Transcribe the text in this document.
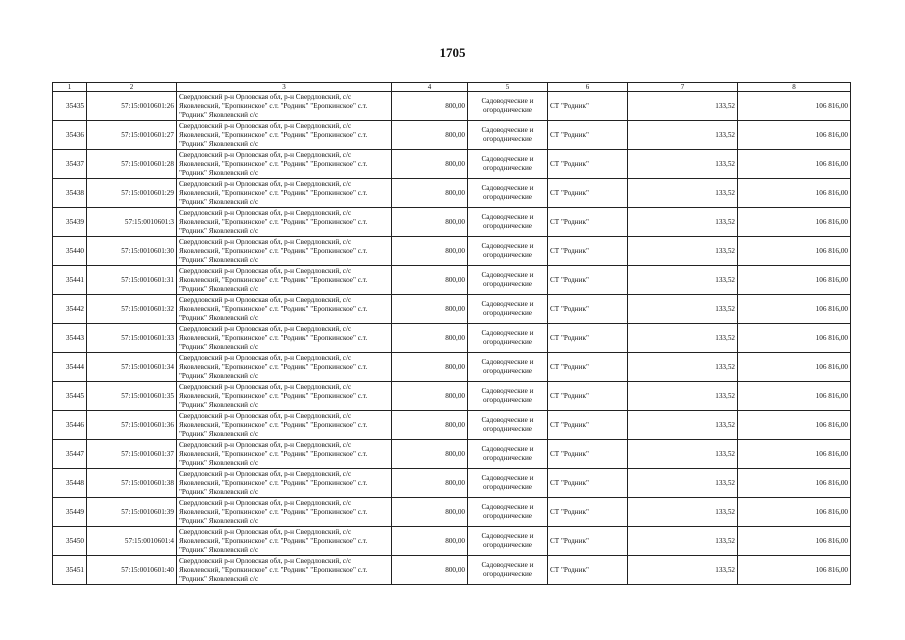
1705
1	2	3	4	5	6	7	8
35435	57:15:0010601:26	Свердловский р-н Орловская обл, р-н Свердловский, с/с
Яковлевский, "Еропкинское" с.т. "Родник" "Еропкинское" с.т.
"Родник" Яковлевский с/с	800,00	Садоводческие и огороднические	СТ "Родник"	133,52	106 816,00
35436	57:15:0010601:27	Свердловский р-н Орловская обл, р-н Свердловский, с/с
Яковлевский, "Еропкинское" с.т. "Родник" "Еропкинское" с.т.
"Родник" Яковлевский с/с	800,00	Садоводческие и огороднические	СТ "Родник"	133,52	106 816,00
35437	57:15:0010601:28	Свердловский р-н Орловская обл, р-н Свердловский, с/с
Яковлевский, "Еропкинское" с.т. "Родник" "Еропкинское" с.т.
"Родник" Яковлевский с/с	800,00	Садоводческие и огороднические	СТ "Родник"	133,52	106 816,00
35438	57:15:0010601:29	Свердловский р-н Орловская обл, р-н Свердловский, с/с
Яковлевский, "Еропкинское" с.т. "Родник" "Еропкинское" с.т.
"Родник" Яковлевский с/с	800,00	Садоводческие и огороднические	СТ "Родник"	133,52	106 816,00
35439	57:15:0010601:3	Свердловский р-н Орловская обл, р-н Свердловский, с/с
Яковлевский, "Еропкинское" с.т. "Родник" "Еропкинское" с.т.
"Родник" Яковлевский с/с	800,00	Садоводческие и огороднические	СТ "Родник"	133,52	106 816,00
35440	57:15:0010601:30	Свердловский р-н Орловская обл, р-н Свердловский, с/с
Яковлевский, "Еропкинское" с.т. "Родник" "Еропкинское" с.т.
"Родник" Яковлевский с/с	800,00	Садоводческие и огороднические	СТ "Родник"	133,52	106 816,00
35441	57:15:0010601:31	Свердловский р-н Орловская обл, р-н Свердловский, с/с
Яковлевский, "Еропкинское" с.т. "Родник" "Еропкинское" с.т.
"Родник" Яковлевский с/с	800,00	Садоводческие и огороднические	СТ "Родник"	133,52	106 816,00
35442	57:15:0010601:32	Свердловский р-н Орловская обл, р-н Свердловский, с/с
Яковлевский, "Еропкинское" с.т. "Родник" "Еропкинское" с.т.
"Родник" Яковлевский с/с	800,00	Садоводческие и огороднические	СТ "Родник"	133,52	106 816,00
35443	57:15:0010601:33	Свердловский р-н Орловская обл, р-н Свердловский, с/с
Яковлевский, "Еропкинское" с.т. "Родник" "Еропкинское" с.т.
"Родник" Яковлевский с/с	800,00	Садоводческие и огороднические	СТ "Родник"	133,52	106 816,00
35444	57:15:0010601:34	Свердловский р-н Орловская обл, р-н Свердловский, с/с
Яковлевский, "Еропкинское" с.т. "Родник" "Еропкинское" с.т.
"Родник" Яковлевский с/с	800,00	Садоводческие и огороднические	СТ "Родник"	133,52	106 816,00
35445	57:15:0010601:35	Свердловский р-н Орловская обл, р-н Свердловский, с/с
Яковлевский, "Еропкинское" с.т. "Родник" "Еропкинское" с.т.
"Родник" Яковлевский с/с	800,00	Садоводческие и огороднические	СТ "Родник"	133,52	106 816,00
35446	57:15:0010601:36	Свердловский р-н Орловская обл, р-н Свердловский, с/с
Яковлевский, "Еропкинское" с.т. "Родник" "Еропкинское" с.т.
"Родник" Яковлевский с/с	800,00	Садоводческие и огороднические	СТ "Родник"	133,52	106 816,00
35447	57:15:0010601:37	Свердловский р-н Орловская обл, р-н Свердловский, с/с
Яковлевский, "Еропкинское" с.т. "Родник" "Еропкинское" с.т.
"Родник" Яковлевский с/с	800,00	Садоводческие и огороднические	СТ "Родник"	133,52	106 816,00
35448	57:15:0010601:38	Свердловский р-н Орловская обл, р-н Свердловский, с/с
Яковлевский, "Еропкинское" с.т. "Родник" "Еропкинское" с.т.
"Родник" Яковлевский с/с	800,00	Садоводческие и огороднические	СТ "Родник"	133,52	106 816,00
35449	57:15:0010601:39	Свердловский р-н Орловская обл, р-н Свердловский, с/с
Яковлевский, "Еропкинское" с.т. "Родник" "Еропкинское" с.т.
"Родник" Яковлевский с/с	800,00	Садоводческие и огороднические	СТ "Родник"	133,52	106 816,00
35450	57:15:0010601:4	Свердловский р-н Орловская обл, р-н Свердловский, с/с
Яковлевский, "Еропкинское" с.т. "Родник" "Еропкинское" с.т.
"Родник" Яковлевский с/с	800,00	Садоводческие и огороднические	СТ "Родник"	133,52	106 816,00
35451	57:15:0010601:40	Свердловский р-н Орловская обл, р-н Свердловский, с/с
Яковлевский, "Еропкинское" с.т. "Родник" "Еропкинское" с.т.
"Родник" Яковлевский с/с	800,00	Садоводческие и огороднические	СТ "Родник"	133,52	106 816,00
